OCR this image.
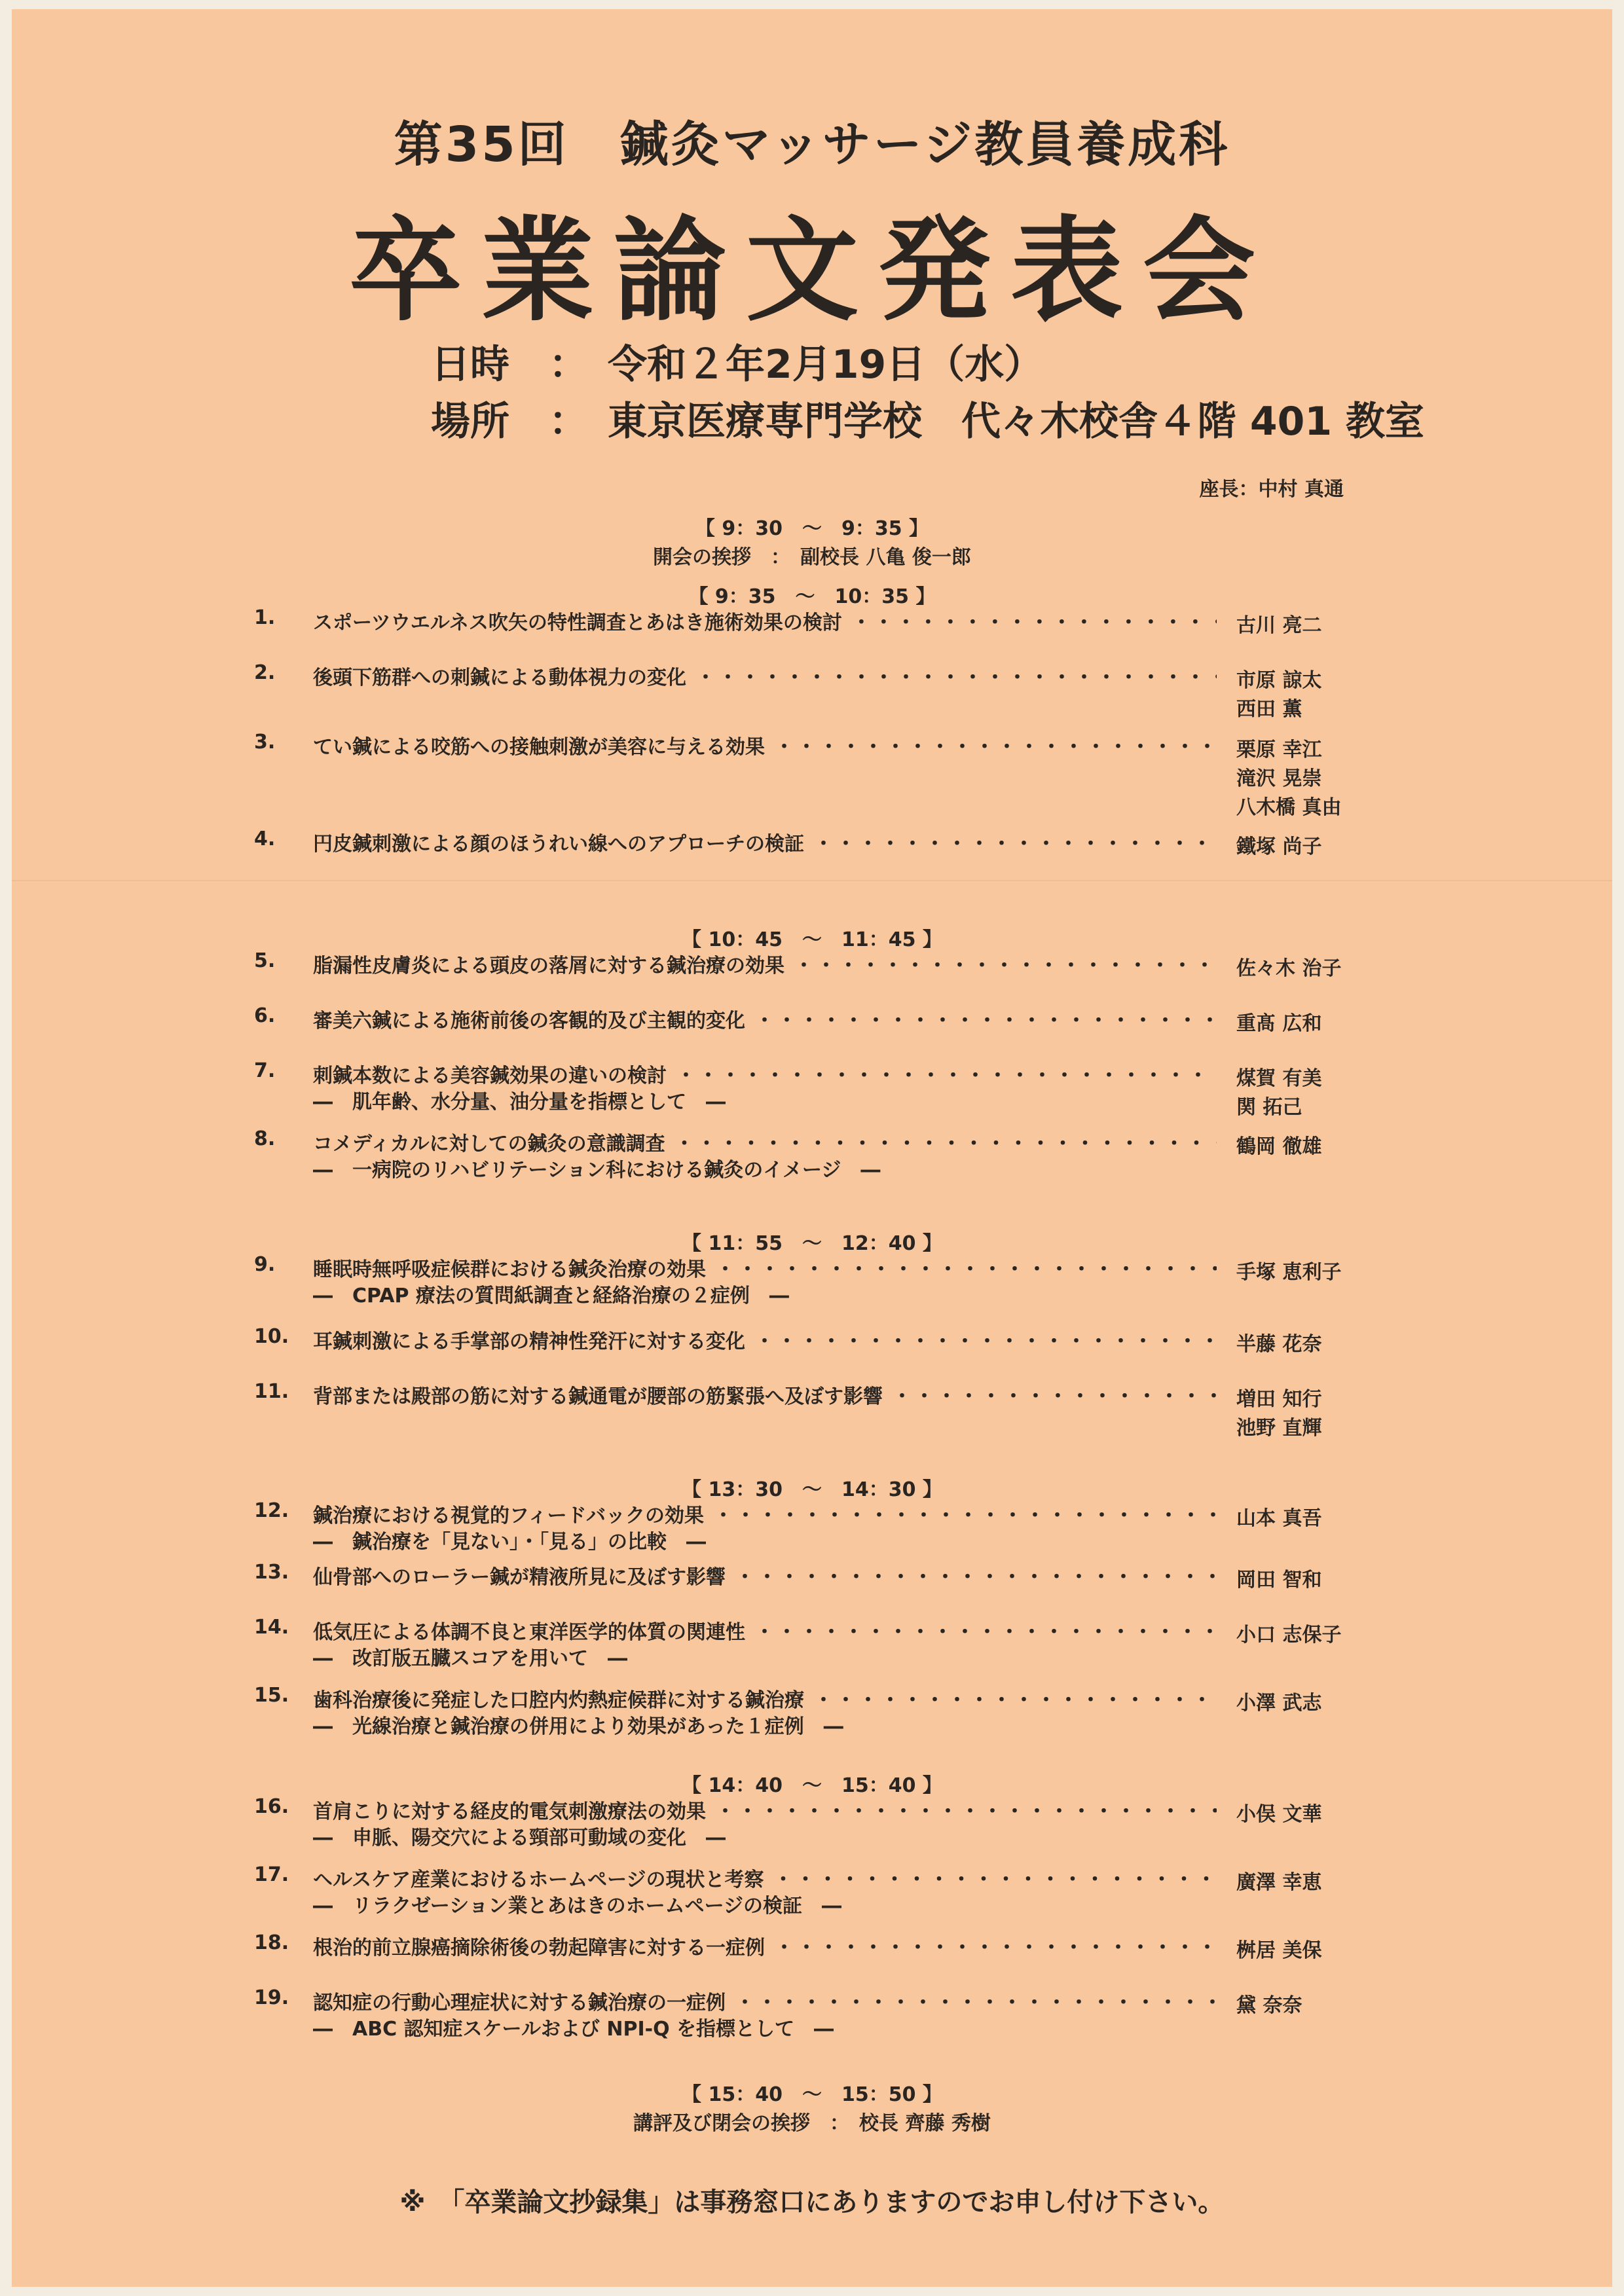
第35回　鍼灸マッサージ教員養成科
卒業論文発表会
日時 ： 令和２年2月19日（水）
場所 ： 東京医療専門学校　代々木校舎４階 401 教室
座長：中村 真通
【 9：30　～　9：35 】
開会の挨拶　：　副校長 八亀 俊一郎
【 9：35　～　10：35 】
1.	スポーツウエルネス吹矢の特性調査とあはき施術効果の検討 ・・・・・・・・・・・・・・・・・・・・・・・・・・・・・・・・・・・・・・・・・・・・・・・・・・・・・・・・・・・・・・・・・	古川 亮二
2.	後頭下筋群への刺鍼による動体視力の変化 ・・・・・・・・・・・・・・・・・・・・・・・・・・・・・・・・・・・・・・・・・・・・・・・・・・・・・・・・・・・・・・・・・	市原 諒太
西田 薫
3.	てい鍼による咬筋への接触刺激が美容に与える効果 ・・・・・・・・・・・・・・・・・・・・・・・・・・・・・・・・・・・・・・・・・・・・・・・・・・・・・・・・・・・・・・・・・	栗原 幸江
滝沢 晃崇
八木橋 真由
4.	円皮鍼刺激による顔のほうれい線へのアプローチの検証 ・・・・・・・・・・・・・・・・・・・・・・・・・・・・・・・・・・・・・・・・・・・・・・・・・・・・・・・・・・・・・・・・・	鐵塚 尚子
【 10：45　～　11：45 】
5.	脂漏性皮膚炎による頭皮の落屑に対する鍼治療の効果 ・・・・・・・・・・・・・・・・・・・・・・・・・・・・・・・・・・・・・・・・・・・・・・・・・・・・・・・・・・・・・・・・・	佐々木 治子
6.	審美六鍼による施術前後の客観的及び主観的変化 ・・・・・・・・・・・・・・・・・・・・・・・・・・・・・・・・・・・・・・・・・・・・・・・・・・・・・・・・・・・・・・・・・	重髙 広和
7.	刺鍼本数による美容鍼効果の違いの検討 ・・・・・・・・・・・・・・・・・・・・・・・・・・・・・・・・・・・・・・・・・・・・・・・・・・・・・・・・・・・・・・・・・
―　肌年齢、水分量、油分量を指標として　―
煤賀 有美
関 拓己
8.	コメディカルに対しての鍼灸の意識調査 ・・・・・・・・・・・・・・・・・・・・・・・・・・・・・・・・・・・・・・・・・・・・・・・・・・・・・・・・・・・・・・・・・
―　一病院のリハビリテーション科における鍼灸のイメージ　―
鶴岡 徹雄
【 11：55　～　12：40 】
9.	睡眠時無呼吸症候群における鍼灸治療の効果 ・・・・・・・・・・・・・・・・・・・・・・・・・・・・・・・・・・・・・・・・・・・・・・・・・・・・・・・・・・・・・・・・・
―　CPAP 療法の質問紙調査と経絡治療の２症例　―
手塚 恵利子
10.	耳鍼刺激による手掌部の精神性発汗に対する変化 ・・・・・・・・・・・・・・・・・・・・・・・・・・・・・・・・・・・・・・・・・・・・・・・・・・・・・・・・・・・・・・・・・	半藤 花奈
11.	背部または殿部の筋に対する鍼通電が腰部の筋緊張へ及ぼす影響 ・・・・・・・・・・・・・・・・・・・・・・・・・・・・・・・・・・・・・・・・・・・・・・・・・・・・・・・・・・・・・・・・・	増田 知行
池野 直輝
【 13：30　～　14：30 】
12.	鍼治療における視覚的フィードバックの効果 ・・・・・・・・・・・・・・・・・・・・・・・・・・・・・・・・・・・・・・・・・・・・・・・・・・・・・・・・・・・・・・・・・
―　鍼治療を「見ない」・「見る」の比較　―
山本 真吾
13.	仙骨部へのローラー鍼が精液所見に及ぼす影響 ・・・・・・・・・・・・・・・・・・・・・・・・・・・・・・・・・・・・・・・・・・・・・・・・・・・・・・・・・・・・・・・・・	岡田 智和
14.	低気圧による体調不良と東洋医学的体質の関連性 ・・・・・・・・・・・・・・・・・・・・・・・・・・・・・・・・・・・・・・・・・・・・・・・・・・・・・・・・・・・・・・・・・
―　改訂版五臓スコアを用いて　―
小口 志保子
15.	歯科治療後に発症した口腔内灼熱症候群に対する鍼治療 ・・・・・・・・・・・・・・・・・・・・・・・・・・・・・・・・・・・・・・・・・・・・・・・・・・・・・・・・・・・・・・・・・
―　光線治療と鍼治療の併用により効果があった１症例　―
小澤 武志
【 14：40　～　15：40 】
16.	首肩こりに対する経皮的電気刺激療法の効果 ・・・・・・・・・・・・・・・・・・・・・・・・・・・・・・・・・・・・・・・・・・・・・・・・・・・・・・・・・・・・・・・・・
―　申脈、陽交穴による頸部可動域の変化　―
小俣 文華
17.	ヘルスケア産業におけるホームページの現状と考察 ・・・・・・・・・・・・・・・・・・・・・・・・・・・・・・・・・・・・・・・・・・・・・・・・・・・・・・・・・・・・・・・・・
―　リラクゼーション業とあはきのホームページの検証　―
廣澤 幸恵
18.	根治的前立腺癌摘除術後の勃起障害に対する一症例 ・・・・・・・・・・・・・・・・・・・・・・・・・・・・・・・・・・・・・・・・・・・・・・・・・・・・・・・・・・・・・・・・・	桝居 美保
19.	認知症の行動心理症状に対する鍼治療の一症例 ・・・・・・・・・・・・・・・・・・・・・・・・・・・・・・・・・・・・・・・・・・・・・・・・・・・・・・・・・・・・・・・・・
―　ABC 認知症スケールおよび NPI-Q を指標として　―
黛 奈奈
【 15：40　～　15：50 】
講評及び閉会の挨拶　：　校長 齊藤 秀樹
※　「卒業論文抄録集」は事務窓口にありますのでお申し付け下さい。
